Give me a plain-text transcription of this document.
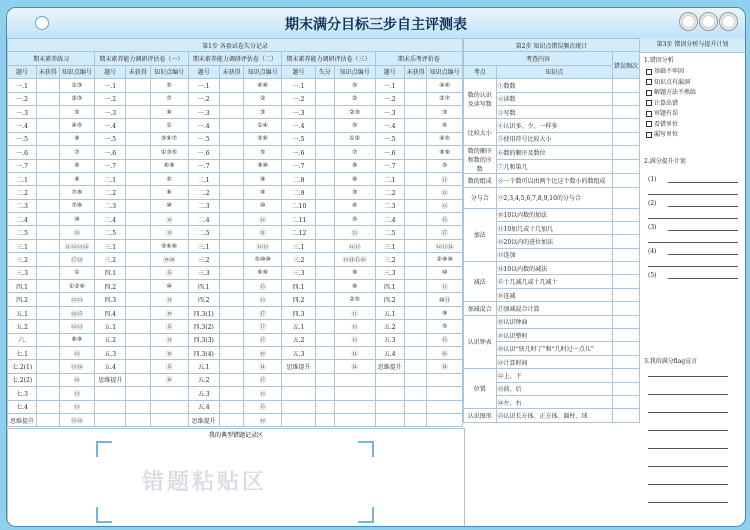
期末满分目标三步自主评测表
第1步 各套试卷失分记录														
期末素养练习			期末素养能力调研评估卷（一）			期末素养能力调研评估卷（二）			期末素养能力调研评估卷（三）			期末乐考评价卷		
题号	未获得	知识点编号	题号	未获得	知识点编号	题号	未获得	知识点编号	题号	失分	知识点编号	题号	未获得	知识点编号
一.1		①③	一.1		⑤	一.1		⑥⑧	一.1		⑤	一.1		④⑥
一.2		②③	一.2		⑦	一.2		②	一.2		②	一.2		②⑦
一.3		⑤	一.3		⑨	一.3		③	一.3		②③	一.3		③
一.4		④⑤	一.4		①	一.4		①④	一.4		⑤	一.4		⑥
一.5		⑨	一.5		⑤⑥⑦	一.5		⑤⑥	一.5		①②	一.5		④⑤
一.6		⑦	一.6		①③⑤	一.6		⑤	一.6		⑦	一.6		⑧⑨
一.7		⑥	一.7		⑥⑨	一.7		⑨⑩	一.7		⑨	一.7		⑤
二.1		⑧	二.1		⑤	二.1		⑨	二.8		⑧	二.1		⑪
二.2		⑦⑧	二.2		⑧	二.2		⑧	二.9		③	二.2		⑫
二.3		⑦⑧	二.3		⑩	二.3		⑩	二.10		⑥	二.3		⑫
二.4		⑩	二.4		⑫	二.4		⑫	二.11		⑤	二.4		⑮
二.5		⑭	二.5		⑬	二.5		⑭	二.12		⑬	二.5		⑰
三.1		⑪⑫⑬⑭	三.1		⑤⑥⑧	三.1		⑫⑬	三.1		⑫⑬	三.1		⑫⑬⑭
三.2		⑰⑱	三.2		⑲⑳	三.2		⑤⑩⑩	三.2		⑬⑭⑮⑯	三.2		②⑧⑩
三.3		①	四.1		⑮	三.3		⑥⑨	三.3		⑨	三.3		⑩
四.1		①②⑥	四.2		⑩	四.1		⑮	四.1		⑧	四.1		⑪
四.2		⑫⑬	四.3		⑬	四.2		⑬	四.2		②⑤	四.2		⑩⑪
五.1		⑭⑮	四.4		⑲	四.3(1)		⑰	四.3		⑪	五.1		⑨
五.2		⑫⑬	五.1		⑮	四.3(2)		⑰	五.1		⑬	五.2		⑤
六.		⑧⑨	五.2		⑬	四.3(3)		⑰	五.2		⑬	五.3		⑮
七.1		⑫	五.3		⑱	四.3(4)		⑲	五.3		⑭	五.4		⑯
七.2(1)		⑬⑭	五.4		⑮	五.1		⑭	思维提升		⑭	思维提升		⑭
七.2(2)		⑭	思维提升		⑯	五.2		⑰						
七.3		⑬				五.3		⑬						
七.4		⑬				五.4		⑮						
思维提升		⑮⑯				思维提升		⑲						
我的典型错题记录区
错题粘贴区
第2步 知识点错误频次统计		
考查内容		错误频次
考点	知识点	
数的认识及读写数	①数数	
	②读数	
	③写数	
比较大小	④认识多、少、一样多	
	⑤使用符号比较大小	
数的顺序和数的序数	⑥数的顺序及数位	
	⑦几和第几	
数的组成	⑧一个数可以由两个比这个数小的数组成	
分与合	⑨2,3,4,5,6,7,8,9,10的分与合	
加法	⑩10以内数的加法	
	⑪10加几或十几加几	
	⑫20以内的进位加法	
	⑬连加	
减法	⑭10以内数的减法	
	⑮十几减几或十几减十	
	⑯连减	
加减混合	⑰加减混合计算	
认识钟表	⑱认识钟面	
	⑲认识整时	
	⑳认识“快几时了”和“几时过一点儿”	
	㉑计算时间	
位置	㉒上、下	
	㉓前、后	
	㉔左、右	
认识图形	㉕认识长方体、正方体、圆柱、球	
第3步 错因分析与提升计划
1.错因分析
基础不牢固
知识点有漏洞
解题方法不熟练
计算出错
审题有误
看错单位
漏写单位
2.满分提升计划
(1)
(2)
(3)
(4)
(5)
3.我的满分flag宣言
